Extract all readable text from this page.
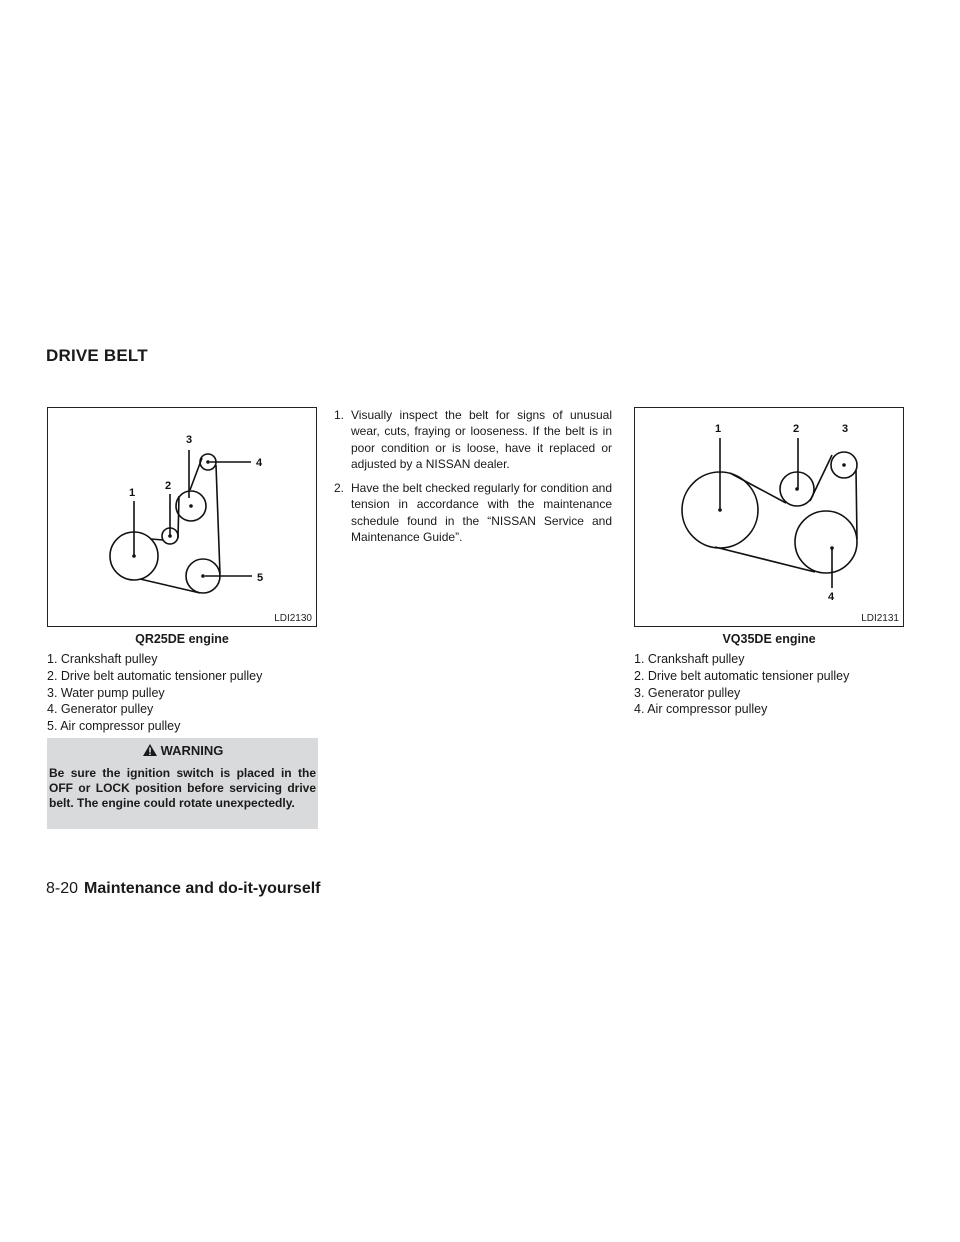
DRIVE BELT
1
2
3
4
5
LDI2130
QR25DE engine
1. Crankshaft pulley
2. Drive belt automatic tensioner pulley
3. Water pump pulley
4. Generator pulley
5. Air compressor pulley
WARNING
Be sure the ignition switch is placed in the OFF or LOCK position before servicing drive belt. The engine could rotate unexpectedly.
1. Visually inspect the belt for signs of unusual wear, cuts, fraying or looseness. If the belt is in poor condition or is loose, have it replaced or adjusted by a NISSAN dealer.
2. Have the belt checked regularly for condition and tension in accordance with the maintenance schedule found in the “NISSAN Service and Maintenance Guide”.
1	2	3
4
LDI2131
VQ35DE engine
1. Crankshaft pulley
2. Drive belt automatic tensioner pulley
3. Generator pulley
4. Air compressor pulley
8-20 Maintenance and do-it-yourself
